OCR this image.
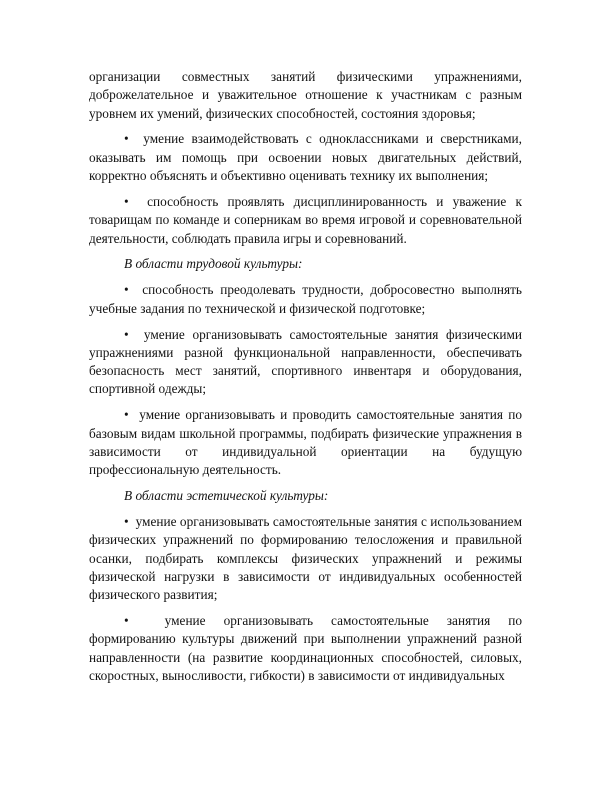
организации совместных занятий физическими упражнениями, доброжелательное и уважительное отношение к участникам с разным уровнем их умений, физических способностей, состояния здоровья;

• умение взаимодействовать с одноклассниками и сверстниками, оказывать им помощь при освоении новых двигательных действий, корректно объяснять и объективно оценивать технику их выполнения;

• способность проявлять дисциплинированность и уважение к товарищам по команде и соперникам во время игровой и соревновательной деятельности, соблюдать правила игры и соревнований.

В области трудовой культуры:

• способность преодолевать трудности, добросовестно выполнять учебные задания по технической и физической подготовке;

• умение организовывать самостоятельные занятия физическими упражнениями разной функциональной направленности, обеспечивать безопасность мест занятий, спортивного инвентаря и оборудования, спортивной одежды;

• умение организовывать и проводить самостоятельные занятия по базовым видам школьной программы, подбирать физические упражнения в зависимости от индивидуальной ориентации на будущую профессиональную деятельность.

В области эстетической культуры:

• умение организовывать самостоятельные занятия с использованием физических упражнений по формированию телосложения и правильной осанки, подбирать комплексы физических упражнений и режимы физической нагрузки в зависимости от индивидуальных особенностей физического развития;

•	умение организовывать самостоятельные занятия по формированию культуры движений при выполнении упражнений разной направленности (на развитие координационных способностей, силовых, скоростных, выносливости, гибкости) в зависимости от индивидуальных
